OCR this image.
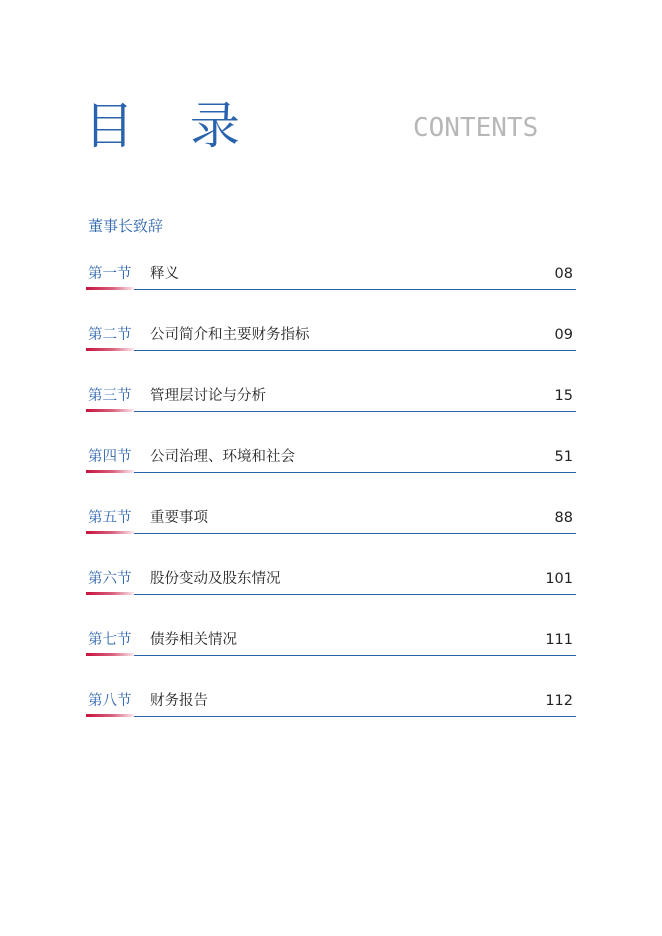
目 录	CONTENTS
董事长致辞
第一节 释义	08
第二节 公司简介和主要财务指标	09
第三节 管理层讨论与分析	15
第四节 公司治理、环境和社会	51
第五节 重要事项	88
第六节 股份变动及股东情况	101
第七节 债券相关情况	111
第八节 财务报告	112
